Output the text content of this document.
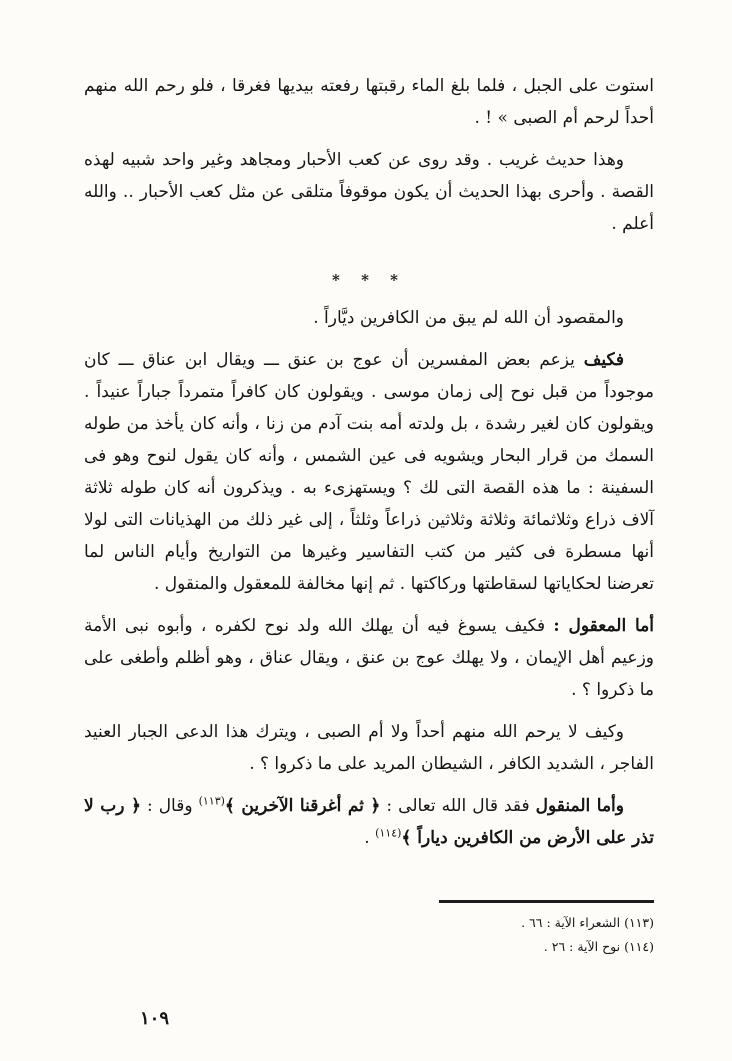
استوت على الجبل ، فلما بلغ الماء رقبتها رفعته بيديها فغرقا ، فلو رحم الله منهم أحداً لرحم أم الصبى » ! .

وهذا حديث غريب . وقد روى عن كعب الأحبار ومجاهد وغير واحد شبيه لهذه القصة . وأحرى بهذا الحديث أن يكون موقوفاً متلقى عن مثل كعب الأحبار .. والله أعلم .

* * *

والمقصود أن الله لم يبق من الكافرين ديَّاراً .

فكيف يزعم بعض المفسرين أن عوج بن عنق ـــ ويقال ابن عناق ـــ كان موجوداً من قبل نوح إلى زمان موسى . ويقولون كان كافراً متمرداً جباراً عنيداً . ويقولون كان لغير رشدة ، بل ولدته أمه بنت آدم من زنا ، وأنه كان يأخذ من طوله السمك من قرار البحار ويشويه فى عين الشمس ، وأنه كان يقول لنوح وهو فى السفينة : ما هذه القصة التى لك ؟ ويستهزىء به . ويذكرون أنه كان طوله ثلاثة آلاف ذراع وثلاثمائة وثلاثة وثلاثين ذراعاً وثلثاً ، إلى غير ذلك من الهذيانات التى لولا أنها مسطرة فى كثير من كتب التفاسير وغيرها من التواريخ وأيام الناس لما تعرضنا لحكاياتها لسقاطتها وركاكتها . ثم إنها مخالفة للمعقول والمنقول .

أما المعقول : فكيف يسوغ فيه أن يهلك الله ولد نوح لكفره ، وأبوه نبى الأمة وزعيم أهل الإيمان ، ولا يهلك عوج بن عنق ، ويقال عناق ، وهو أظلم وأطغى على ما ذكروا ؟ .

وكيف لا يرحم الله منهم أحداً ولا أم الصبى ، ويترك هذا الدعى الجبار العنيد الفاجر ، الشديد الكافر ، الشيطان المريد على ما ذكروا ؟ .

وأما المنقول فقد قال الله تعالى : ﴿ ثم أغرقنا الآخرين ﴾$^{(١١٣)}$ وقال : ﴿ رب لا تذر على الأرض من الكافرين دياراً ﴾$^{(١١٤)}$ .

(١١٣) الشعراء الآية : ٦٦ .
(١١٤) نوح الآية : ٢٦ .
١٠٩
